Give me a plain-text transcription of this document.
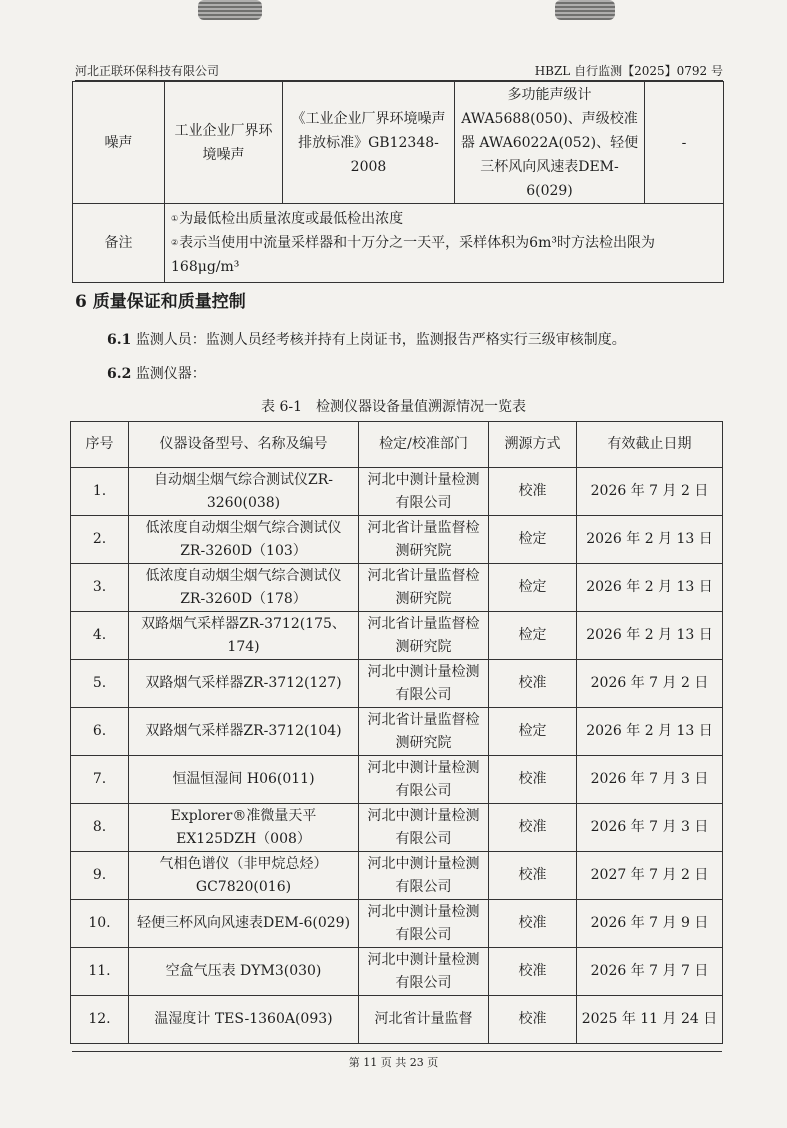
河北正联环保科技有限公司	HBZL 自行监测【2025】0792 号
噪声	工业企业厂界环境噪声	《工业企业厂界环境噪声排放标准》GB12348-2008	多功能声级计AWA5688(050)、声级校准器 AWA6022A(052)、轻便三杯风向风速表DEM-6(029)	-
备注	①为最低检出质量浓度或最低检出浓度
②表示当使用中流量采样器和十万分之一天平，采样体积为6m³时方法检出限为168μg/m³			
6 质量保证和质量控制
6.1 监测人员：监测人员经考核并持有上岗证书，监测报告严格实行三级审核制度。
6.2 监测仪器：
表 6-1　检测仪器设备量值溯源情况一览表
序号	仪器设备型号、名称及编号	检定/校准部门	溯源方式	有效截止日期
1.	自动烟尘烟气综合测试仪ZR-3260(038)	河北中测计量检测有限公司	校准	2026 年 7 月 2 日
2.	低浓度自动烟尘烟气综合测试仪 ZR-3260D（103）	河北省计量监督检测研究院	检定	2026 年 2 月 13 日
3.	低浓度自动烟尘烟气综合测试仪 ZR-3260D（178）	河北省计量监督检测研究院	检定	2026 年 2 月 13 日
4.	双路烟气采样器ZR-3712(175、174)	河北省计量监督检测研究院	检定	2026 年 2 月 13 日
5.	双路烟气采样器ZR-3712(127)	河北中测计量检测有限公司	校准	2026 年 7 月 2 日
6.	双路烟气采样器ZR-3712(104)	河北省计量监督检测研究院	检定	2026 年 2 月 13 日
7.	恒温恒湿间 H06(011)	河北中测计量检测有限公司	校准	2026 年 7 月 3 日
8.	Explorer®准微量天平EX125DZH（008）	河北中测计量检测有限公司	校准	2026 年 7 月 3 日
9.	气相色谱仪（非甲烷总烃）GC7820(016)	河北中测计量检测有限公司	校准	2027 年 7 月 2 日
10.	轻便三杯风向风速表DEM-6(029)	河北中测计量检测有限公司	校准	2026 年 7 月 9 日
11.	空盒气压表 DYM3(030)	河北中测计量检测有限公司	校准	2026 年 7 月 7 日
12.	温湿度计 TES-1360A(093)	河北省计量监督	校准	2025 年 11 月 24 日
第 11 页 共 23 页
